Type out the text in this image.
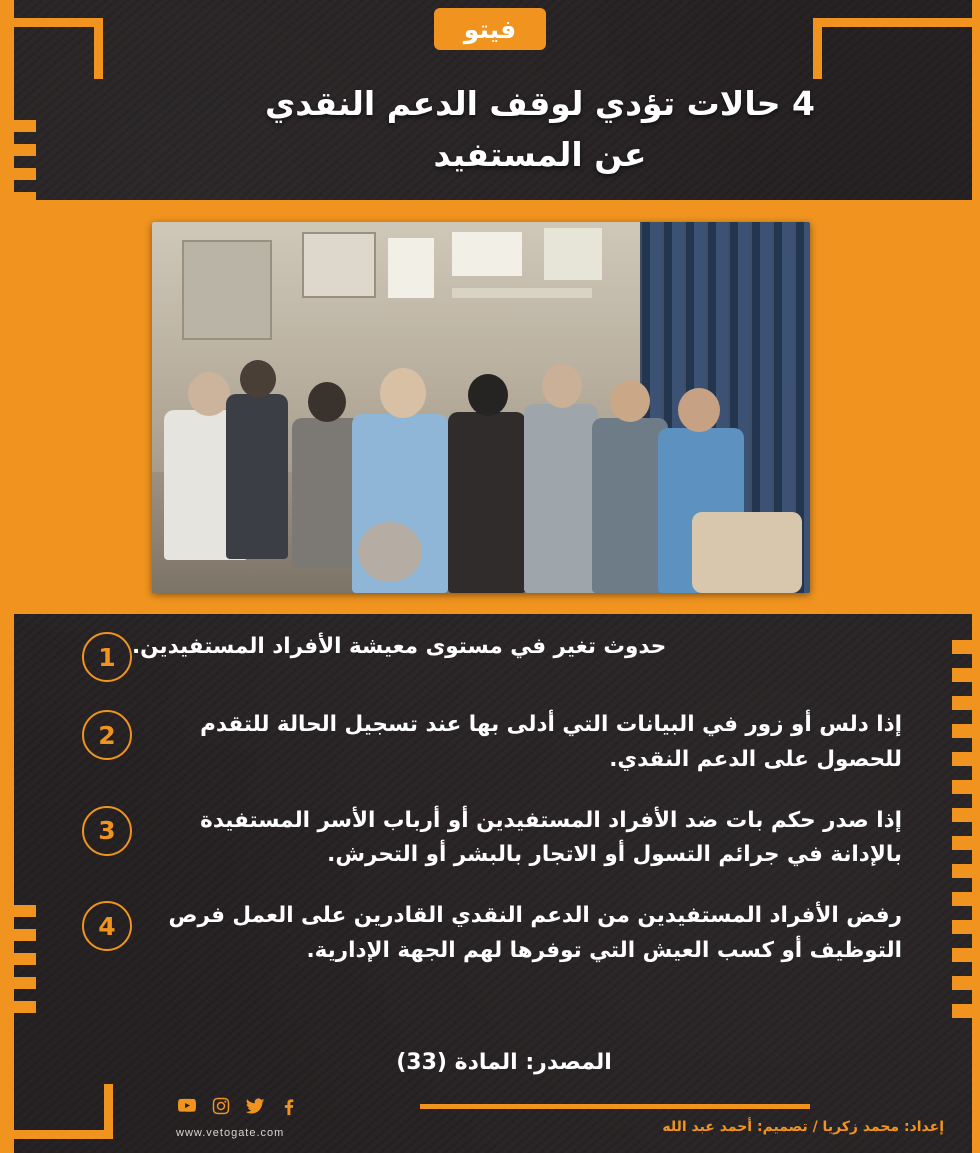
فيتو
4 حالات تؤدي لوقف الدعم النقدي
عن المستفيد
حدوث تغير في مستوى معيشة الأفراد المستفيدين.
1
إذا دلس أو زور في البيانات التي أدلى بها عند تسجيل الحالة للتقدم للحصول على الدعم النقدي.
2
إذا صدر حكم بات ضد الأفراد المستفيدين أو أرباب الأسر المستفيدة بالإدانة في جرائم التسول أو الاتجار بالبشر أو التحرش.
3
رفض الأفراد المستفيدين من الدعم النقدي القادرين على العمل فرص التوظيف أو كسب العيش التي توفرها لهم الجهة الإدارية.
4
المصدر: المادة (33)
www.vetogate.com	إعداد: محمد زكريا / تصميم: أحمد عبد الله
